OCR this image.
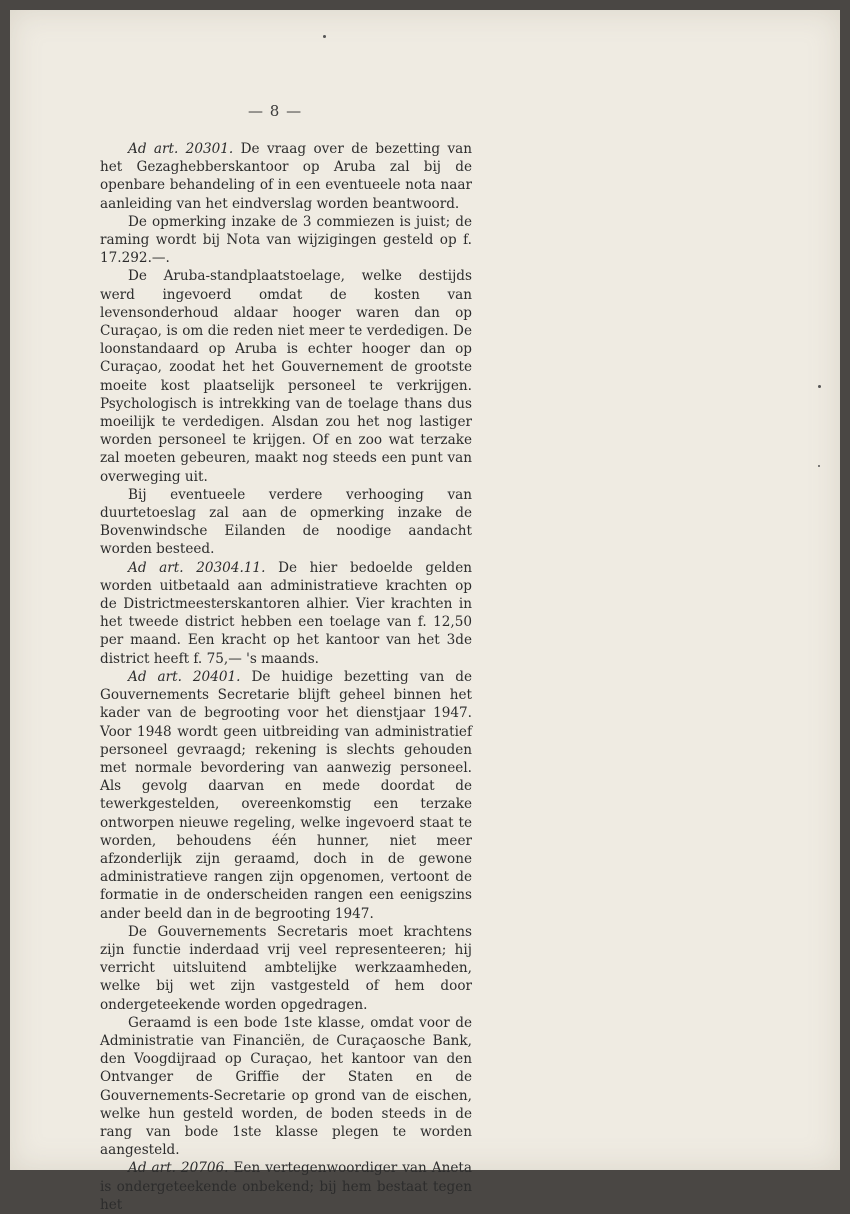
— 8 —

Ad art. 20301. De vraag over de bezetting van het Gezaghebberskantoor op Aruba zal bij de openbare behandeling of in een eventueele nota naar aanleiding van het eindverslag worden beantwoord.

De opmerking inzake de 3 commiezen is juist; de raming wordt bij Nota van wijzigingen gesteld op f. 17.292.—.

De Aruba-standplaatstoelage, welke destijds werd ingevoerd omdat de kosten van levensonderhoud aldaar hooger waren dan op Curaçao, is om die reden niet meer te verdedigen. De loonstandaard op Aruba is echter hooger dan op Curaçao, zoodat het het Gouvernement de grootste moeite kost plaatselijk personeel te verkrijgen. Psychologisch is intrekking van de toelage thans dus moeilijk te verdedigen. Alsdan zou het nog lastiger worden personeel te krijgen. Of en zoo wat terzake zal moeten gebeuren, maakt nog steeds een punt van overweging uit.

Bij eventueele verdere verhooging van duurtetoeslag zal aan de opmerking inzake de Bovenwindsche Eilanden de noodige aandacht worden besteed.

Ad art. 20304.11. De hier bedoelde gelden worden uitbetaald aan administratieve krachten op de Districtmeesterskantoren alhier. Vier krachten in het tweede district hebben een toelage van f. 12,50 per maand. Een kracht op het kantoor van het 3de district heeft f. 75,— 's maands.

Ad art. 20401. De huidige bezetting van de Gouvernements Secretarie blijft geheel binnen het kader van de begrooting voor het dienstjaar 1947. Voor 1948 wordt geen uitbreiding van administratief personeel gevraagd; rekening is slechts gehouden met normale bevordering van aanwezig personeel. Als gevolg daarvan en mede doordat de tewerkgestelden, overeenkomstig een terzake ontworpen nieuwe regeling, welke ingevoerd staat te worden, behoudens één hunner, niet meer afzonderlijk zijn geraamd, doch in de gewone administratieve rangen zijn opgenomen, vertoont de formatie in de onderscheiden rangen een eenigszins ander beeld dan in de begrooting 1947.

De Gouvernements Secretaris moet krachtens zijn functie inderdaad vrij veel representeeren; hij verricht uitsluitend ambtelijke werkzaamheden, welke bij wet zijn vastgesteld of hem door ondergeteekende worden opgedragen.

Geraamd is een bode 1ste klasse, omdat voor de Administratie van Financiën, de Curaçaosche Bank, den Voogdijraad op Curaçao, het kantoor van den Ontvanger de Griffie der Staten en de Gouvernements-Secretarie op grond van de eischen, welke hun gesteld worden, de boden steeds in de rang van bode 1ste klasse plegen te worden aangesteld.

Ad art. 20706. Een vertegenwoordiger van Aneta is ondergeteekende onbekend; bij hem bestaat tegen het
